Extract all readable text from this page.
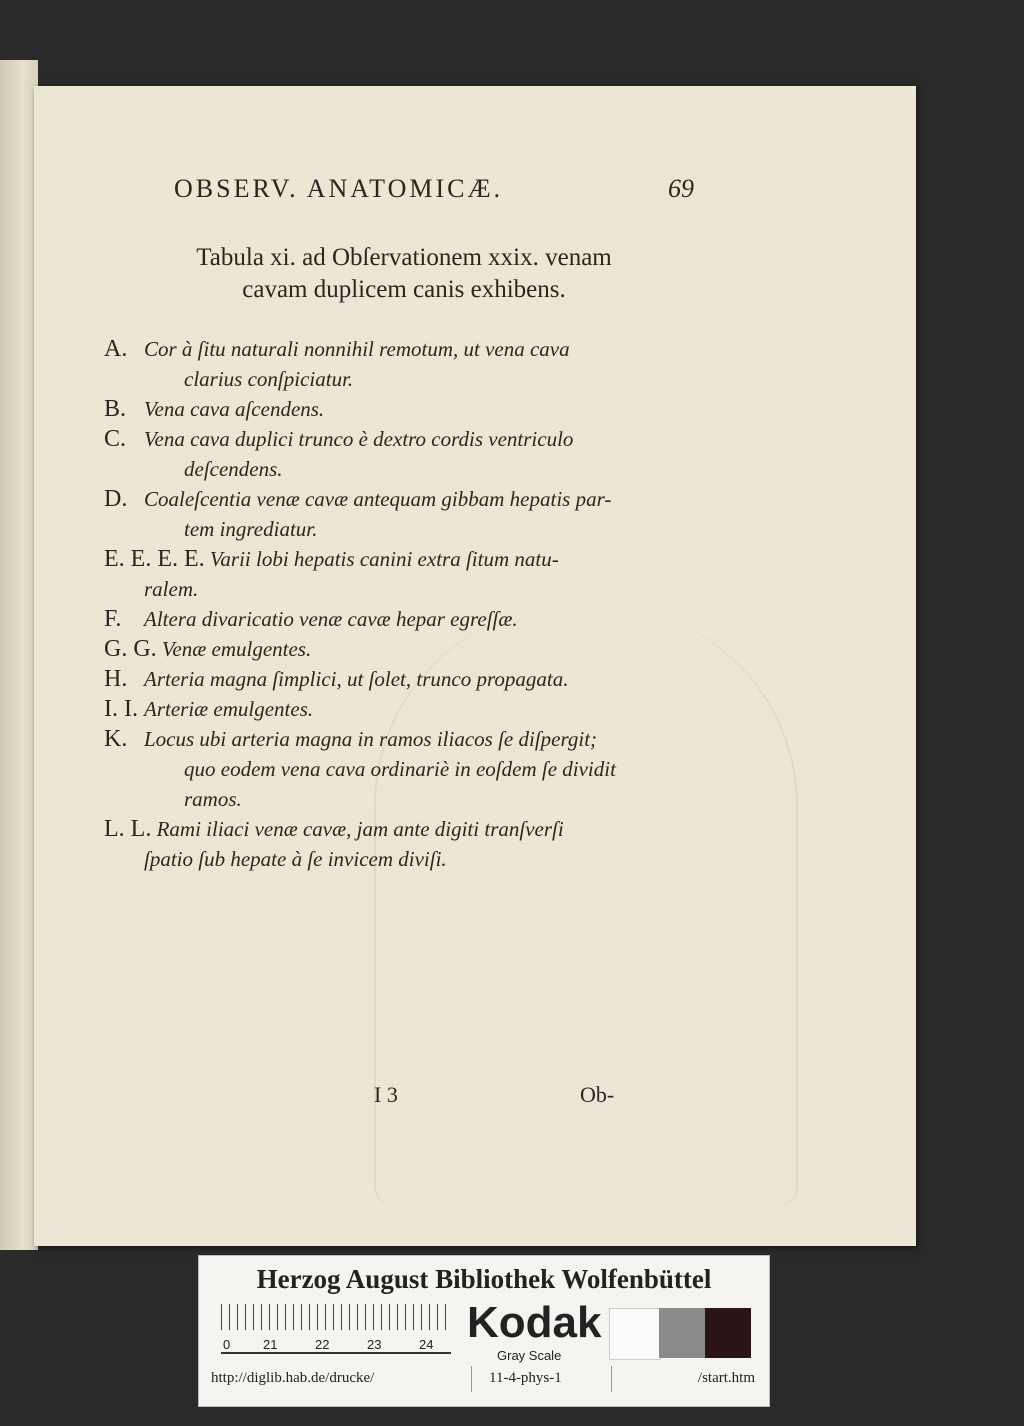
OBSERV. ANATOMICÆ.	69
Tabula xi. ad Obſervationem xxix. venam
cavam duplicem canis exhibens.
A. Cor à ſitu naturali nonnihil remotum, ut vena cava
clarius conſpiciatur.
B. Vena cava aſcendens.
C. Vena cava duplici trunco è dextro cordis ventriculo
deſcendens.
D. Coaleſcentia venæ cavæ antequam gibbam hepatis par-
tem ingrediatur.
E. E. E. E. Varii lobi hepatis canini extra ſitum natu-
ralem.
F. Altera divaricatio venæ cavæ hepar egreſſæ.
G. G. Venæ emulgentes.
H. Arteria magna ſimplici, ut ſolet, trunco propagata.
I. I. Arteriæ emulgentes.
K. Locus ubi arteria magna in ramos iliacos ſe diſpergit;
quo eodem vena cava ordinariè in eoſdem ſe dividit
ramos.
L. L. Rami iliaci venæ cavæ, jam ante digiti tranſverſi
ſpatio ſub hepate à ſe invicem diviſi.
I 3	Ob-
Herzog August Bibliothek Wolfenbüttel
0	21	22	23	24 Kodak
Gray Scale
http://diglib.hab.de/drucke/	11-4-phys-1	/start.htm
